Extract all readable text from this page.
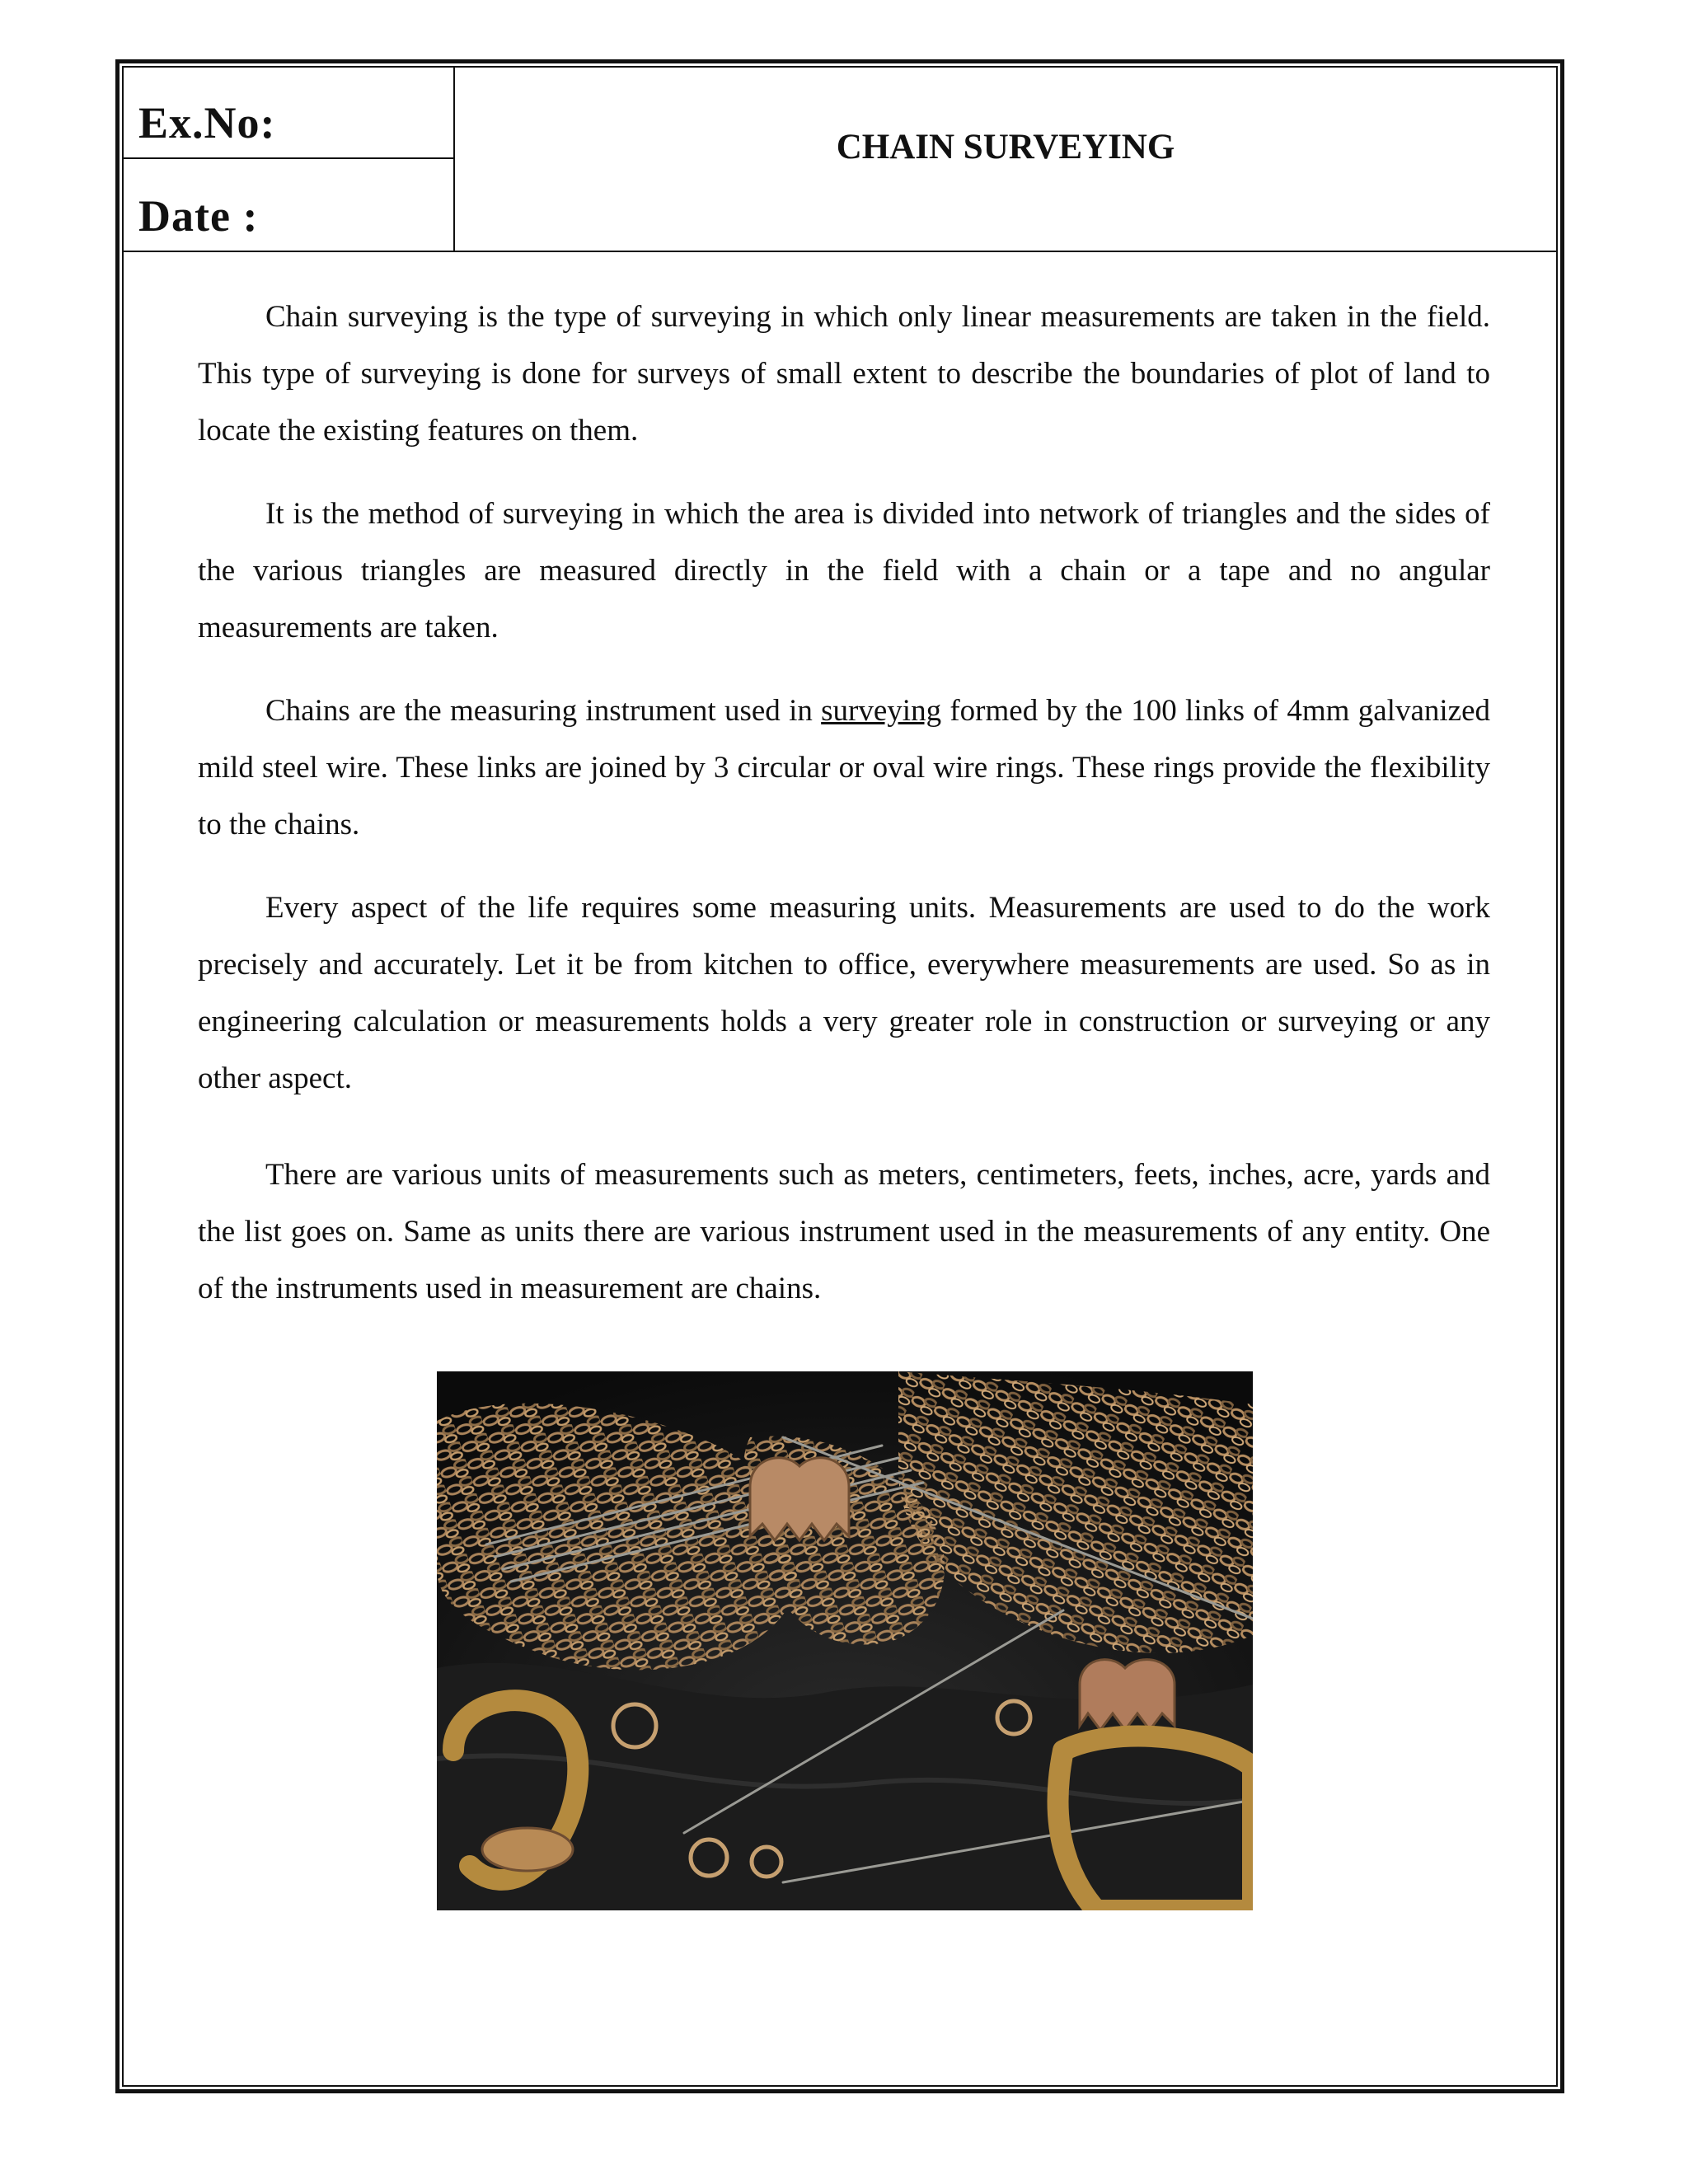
Ex.No:
Date :
CHAIN SURVEYING

Chain surveying is the type of surveying in which only linear measurements are taken in the field. This type of surveying is done for surveys of small extent to describe the boundaries of plot of land to locate the existing features on them.

It is the method of surveying in which the area is divided into network of triangles and the sides of the various triangles are measured directly in the field with a chain or a tape and no angular measurements are taken.

Chains are the measuring instrument used in surveying formed by the 100 links of 4mm galvanized mild steel wire. These links are joined by 3 circular or oval wire rings. These rings provide the flexibility to the chains.

Every aspect of the life requires some measuring units. Measurements are used to do the work precisely and accurately. Let it be from kitchen to office, everywhere measurements are used. So as in engineering calculation or measurements holds a very greater role in construction or surveying or any other aspect.

There are various units of measurements such as meters, centimeters, feets, inches, acre, yards and the list goes on. Same as units there are various instrument used in the measurements of any entity. One of the instruments used in measurement are chains.
